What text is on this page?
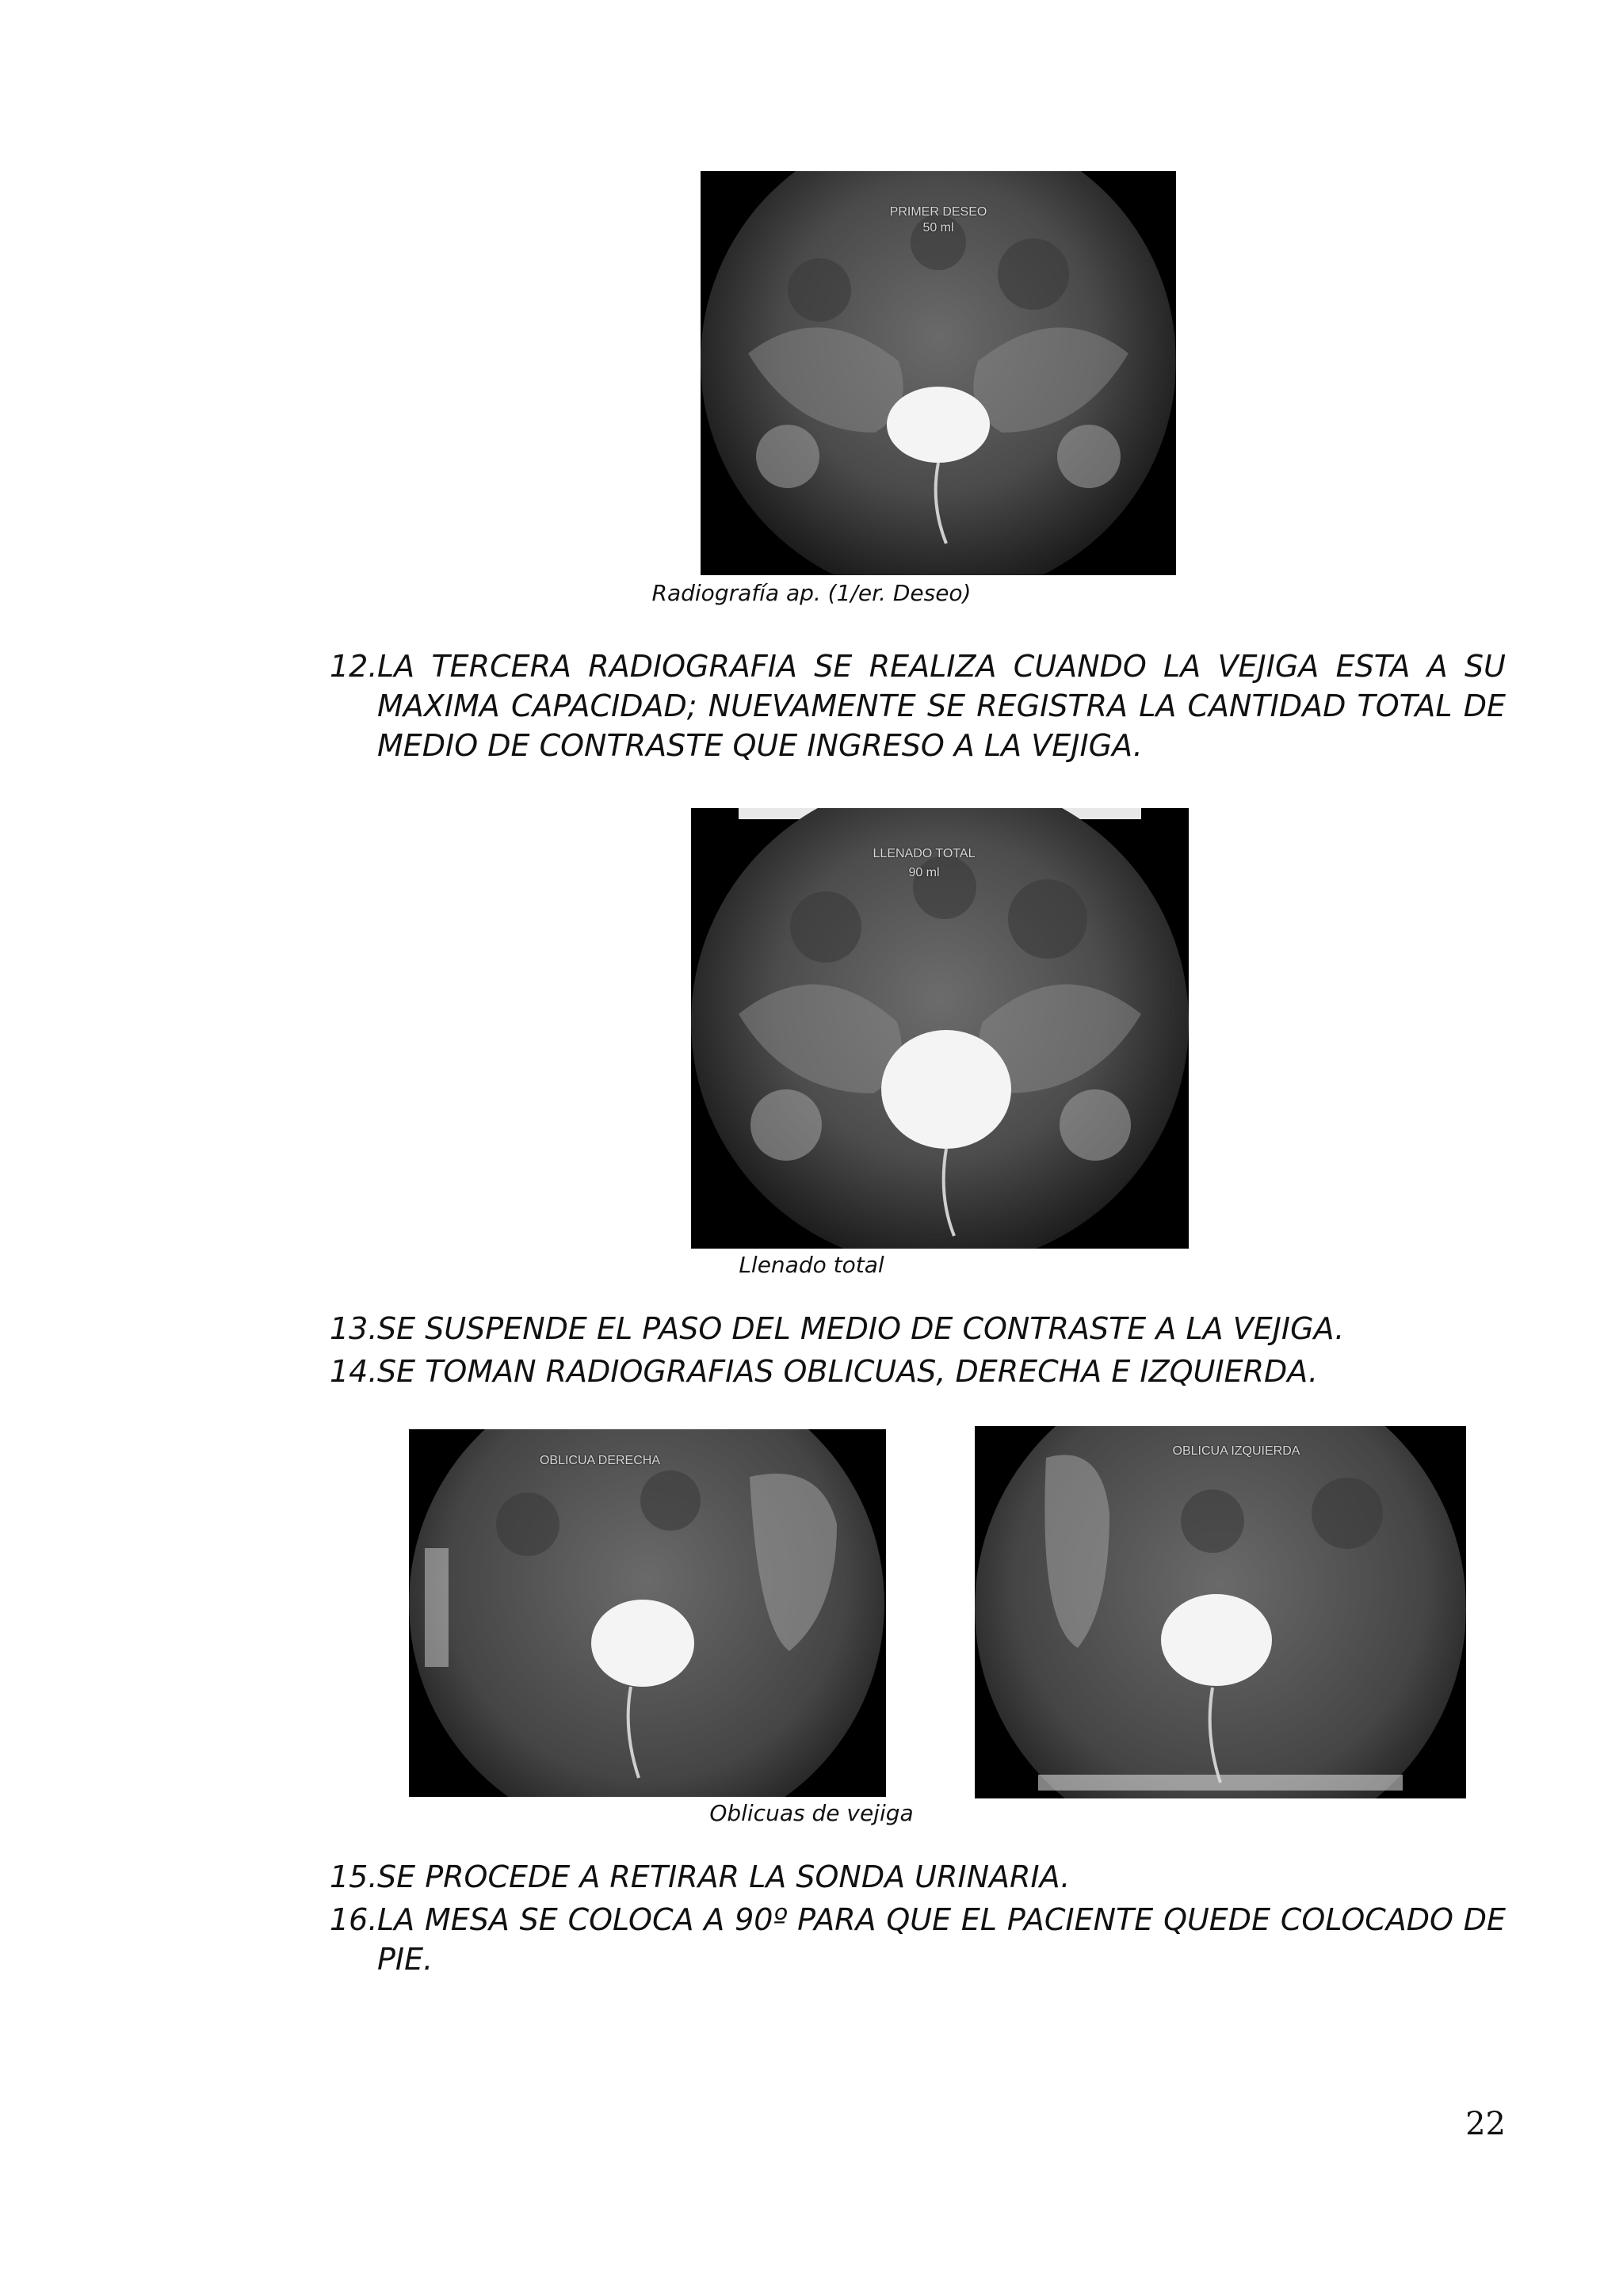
PRIMER DESEO
50 ml
Radiografía ap. (1/er. Deseo)
12. LA TERCERA RADIOGRAFIA SE REALIZA CUANDO LA VEJIGA ESTA A SU MAXIMA CAPACIDAD; NUEVAMENTE SE REGISTRA LA CANTIDAD TOTAL DE MEDIO DE CONTRASTE QUE INGRESO A LA VEJIGA.
LLENADO TOTAL
90 ml
Llenado total
13. SE SUSPENDE EL PASO DEL MEDIO DE CONTRASTE A LA VEJIGA.
14. SE TOMAN RADIOGRAFIAS OBLICUAS, DERECHA E IZQUIERDA.
OBLICUA DERECHA
OBLICUA IZQUIERDA
Oblicuas de vejiga
15. SE PROCEDE A RETIRAR LA SONDA URINARIA.
16. LA MESA SE COLOCA A 90º PARA QUE EL PACIENTE QUEDE COLOCADO DE PIE.
22
